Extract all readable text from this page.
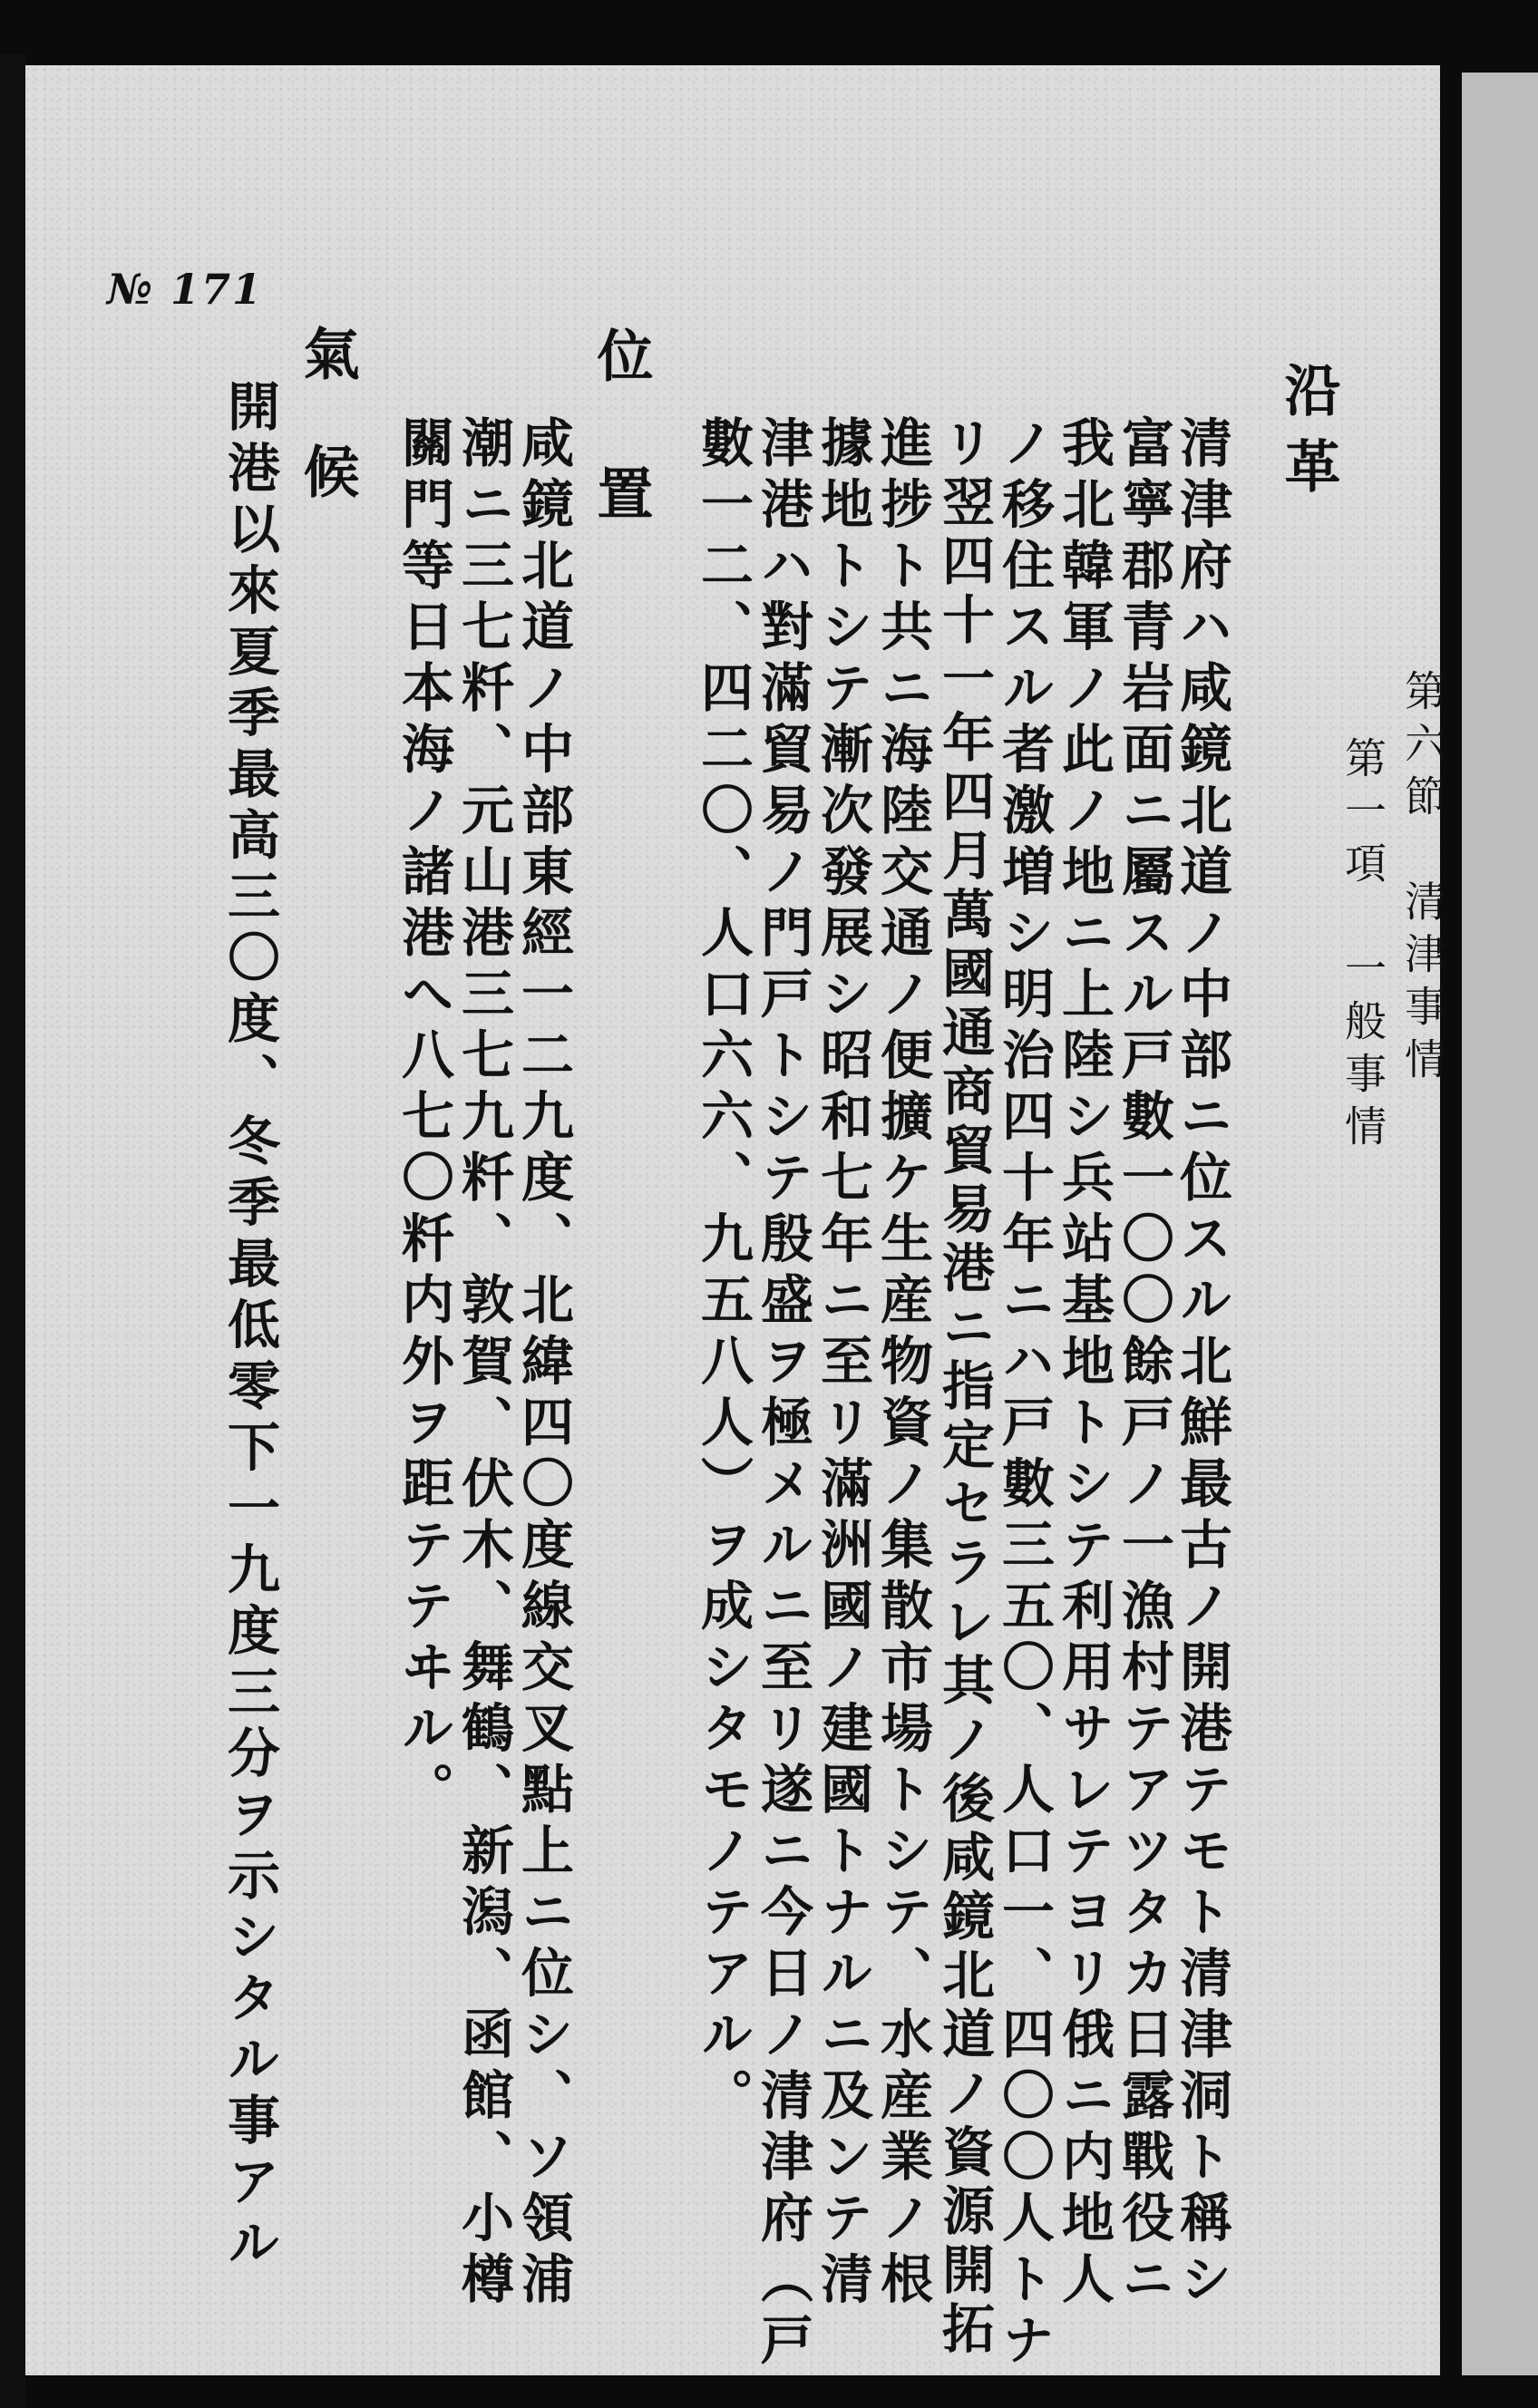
第六節　清津事情
第一項　一般事情
沿革
清津府ハ咸鏡北道ノ中部ニ位スル北鮮最古ノ開港テモト清津洞ト稱シ
富寧郡青岩面ニ屬スル戸數一〇〇餘戸ノ一漁村テアツタカ日露戰役ニ
我北韓軍ノ此ノ地ニ上陸シ兵站基地トシテ利用サレテヨリ俄ニ内地人
ノ移住スル者激増シ明治四十年ニハ戸數三五〇、人口一、四〇〇人トナ
リ翌四十一年四月萬國通商貿易港ニ指定セラレ其ノ後咸鏡北道ノ資源開拓
進捗ト共ニ海陸交通ノ便擴ケ生産物資ノ集散市場トシテ、水産業ノ根
據地トシテ漸次發展シ昭和七年ニ至リ滿洲國ノ建國トナルニ及ンテ清
津港ハ對滿貿易ノ門戸トシテ殷盛ヲ極メルニ至リ遂ニ今日ノ清津府（戸
數一二、四二〇、人口六六、九五八人）ヲ成シタモノテアル。
位置
咸鏡北道ノ中部東經一二九度、北緯四〇度線交叉點上ニ位シ、ソ領浦
潮ニ三七粁、元山港三七九粁、敦賀、伏木、舞鶴、新潟、函館、小樽
關門等日本海ノ諸港へ八七〇粁内外ヲ距テテヰル。
氣候
開港以來夏季最高三〇度、冬季最低零下一九度三分ヲ示シタル事アル
№ 171
